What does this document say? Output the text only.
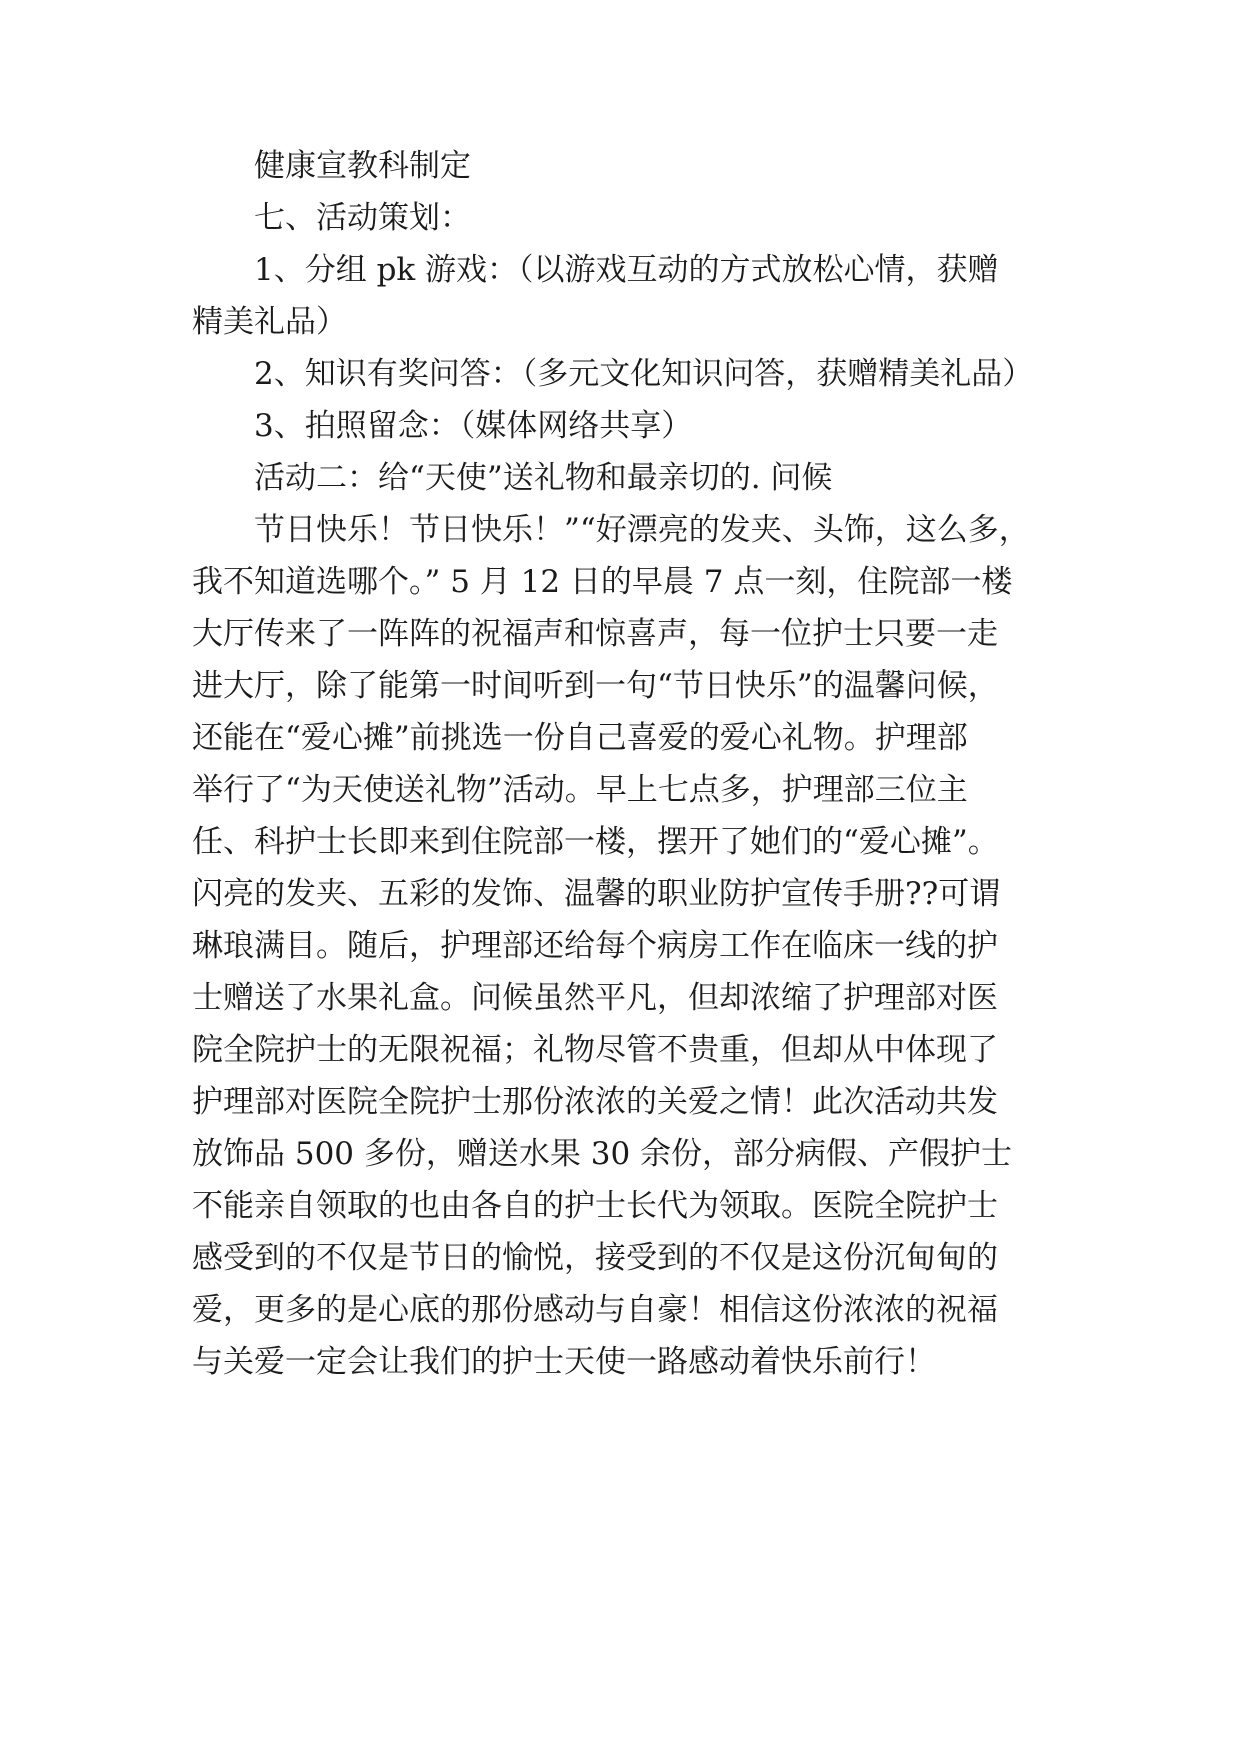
健康宣教科制定

七、活动策划：

1、分组 pk 游戏：（以游戏互动的方式放松心情，获赠

精美礼品）

2、知识有奖问答：（多元文化知识问答，获赠精美礼品）

3、拍照留念：（媒体网络共享）

活动二：给“天使”送礼物和最亲切的. 问候

节日快乐！节日快乐！”“好漂亮的发夹、头饰，这么多，

我不知道选哪个。” 5 月 12 日的早晨 7 点一刻，住院部一楼

大厅传来了一阵阵的祝福声和惊喜声，每一位护士只要一走

进大厅，除了能第一时间听到一句“节日快乐”的温馨问候，

还能在“爱心摊”前挑选一份自己喜爱的爱心礼物。护理部

举行了“为天使送礼物”活动。早上七点多，护理部三位主

任、科护士长即来到住院部一楼，摆开了她们的“爱心摊”。

闪亮的发夹、五彩的发饰、温馨的职业防护宣传手册??可谓

琳琅满目。随后，护理部还给每个病房工作在临床一线的护

士赠送了水果礼盒。问候虽然平凡，但却浓缩了护理部对医

院全院护士的无限祝福；礼物尽管不贵重，但却从中体现了

护理部对医院全院护士那份浓浓的关爱之情！此次活动共发

放饰品 500 多份，赠送水果 30 余份，部分病假、产假护士

不能亲自领取的也由各自的护士长代为领取。医院全院护士

感受到的不仅是节日的愉悦，接受到的不仅是这份沉甸甸的

爱，更多的是心底的那份感动与自豪！相信这份浓浓的祝福

与关爱一定会让我们的护士天使一路感动着快乐前行！
